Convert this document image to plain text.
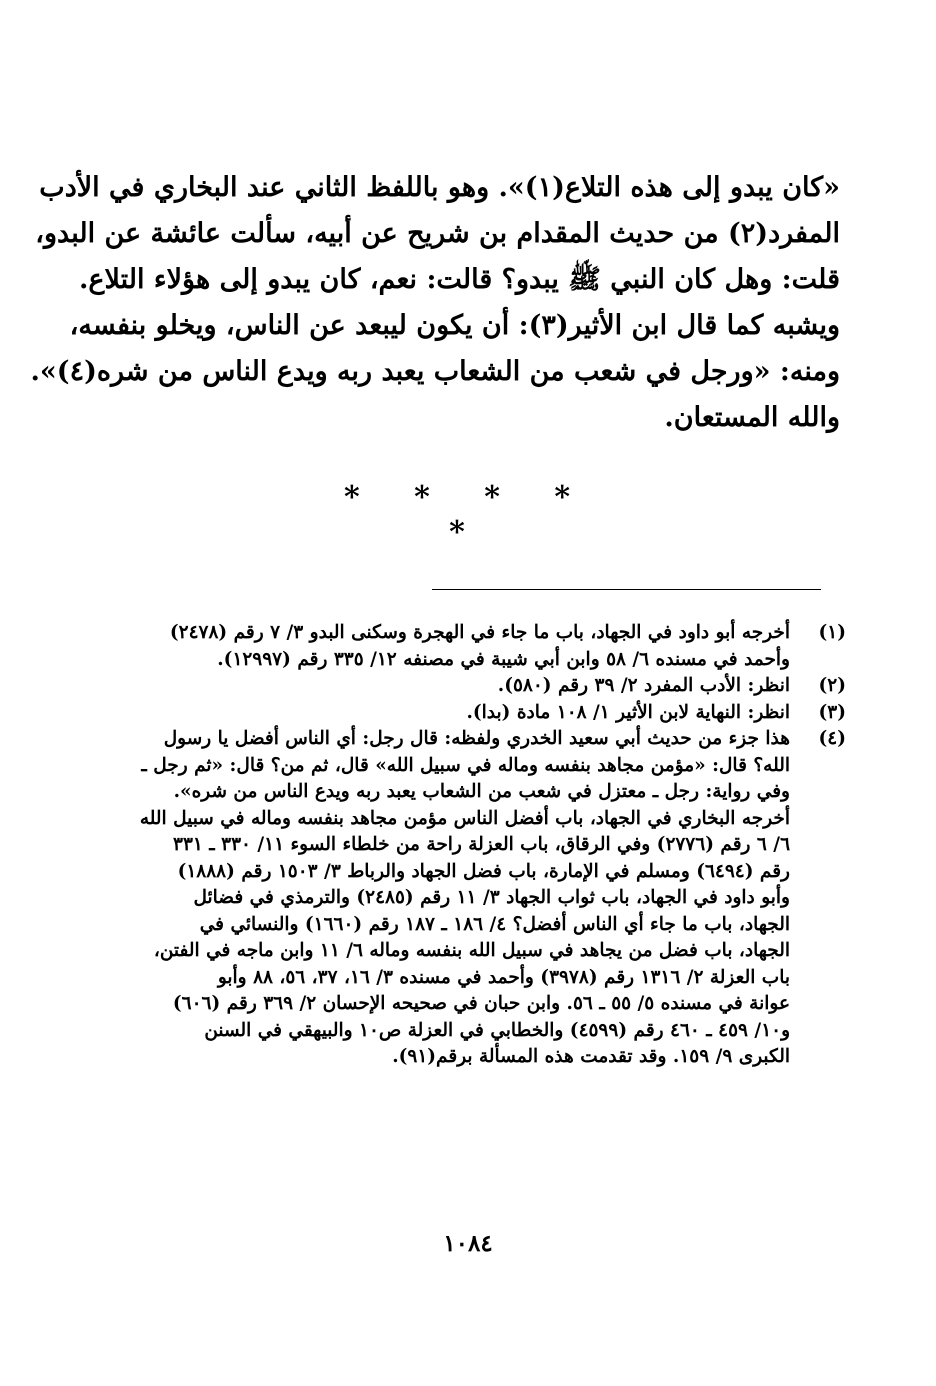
«كان يبدو إلى هذه التلاع(١)». وهو باللفظ الثاني عند البخاري في الأدب
المفرد(٢) من حديث المقدام بن شريح عن أبيه، سألت عائشة عن البدو،
قلت: وهل كان النبي ﷺ يبدو؟ قالت: نعم، كان يبدو إلى هؤلاء التلاع.
ويشبه كما قال ابن الأثير(٣): أن يكون ليبعد عن الناس، ويخلو بنفسه،
ومنه: «ورجل في شعب من الشعاب يعبد ربه ويدع الناس من شره(٤)».
والله المستعان.
* * * * *
(١)
أخرجه أبو داود في الجهاد، باب ما جاء في الهجرة وسكنى البدو ٣/ ٧ رقم (٢٤٧٨)
وأحمد في مسنده ٦/ ٥٨ وابن أبي شيبة في مصنفه ١٢/ ٣٣٥ رقم (١٢٩٩٧).
(٢)
انظر: الأدب المفرد ٢/ ٣٩ رقم (٥٨٠).
(٣)
انظر: النهاية لابن الأثير ١/ ١٠٨ مادة (بدا).
(٤)
هذا جزء من حديث أبي سعيد الخدري ولفظه: قال رجل: أي الناس أفضل يا رسول
الله؟ قال: «مؤمن مجاهد بنفسه وماله في سبيل الله» قال، ثم من؟ قال: «ثم رجل ـ
وفي رواية: رجل ـ معتزل في شعب من الشعاب يعبد ربه ويدع الناس من شره».
أخرجه البخاري في الجهاد، باب أفضل الناس مؤمن مجاهد بنفسه وماله في سبيل الله
٦/ ٦ رقم (٢٧٧٦) وفي الرقاق، باب العزلة راحة من خلطاء السوء ١١/ ٣٣٠ ـ ٣٣١
رقم (٦٤٩٤) ومسلم في الإمارة، باب فضل الجهاد والرباط ٣/ ١٥٠٣ رقم (١٨٨٨)
وأبو داود في الجهاد، باب ثواب الجهاد ٣/ ١١ رقم (٢٤٨٥) والترمذي في فضائل
الجهاد، باب ما جاء أي الناس أفضل؟ ٤/ ١٨٦ ـ ١٨٧ رقم (١٦٦٠) والنسائي في
الجهاد، باب فضل من يجاهد في سبيل الله بنفسه وماله ٦/ ١١ وابن ماجه في الفتن،
باب العزلة ٢/ ١٣١٦ رقم (٣٩٧٨) وأحمد في مسنده ٣/ ١٦، ٣٧، ٥٦، ٨٨ وأبو
عوانة في مسنده ٥/ ٥٥ ـ ٥٦. وابن حبان في صحيحه الإحسان ٢/ ٣٦٩ رقم (٦٠٦)
و١٠/ ٤٥٩ ـ ٤٦٠ رقم (٤٥٩٩) والخطابي في العزلة ص١٠ والبيهقي في السنن
الكبرى ٩/ ١٥٩. وقد تقدمت هذه المسألة برقم(٩١).
١٠٨٤
